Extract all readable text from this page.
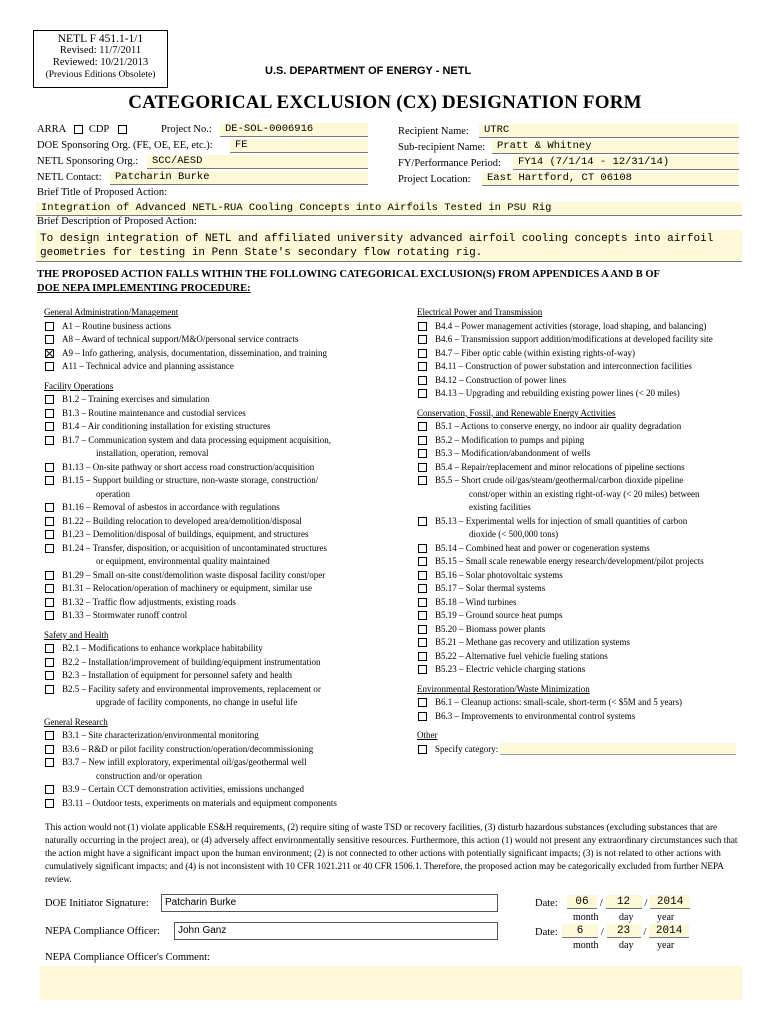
NETL F 451.1-1/1
Revised: 11/7/2011
Reviewed: 10/21/2013
(Previous Editions Obsolete)	U.S. DEPARTMENT OF ENERGY - NETL
CATEGORICAL EXCLUSION (CX) DESIGNATION FORM
ARRA CDP	Project No.:	DE-SOL-0006916
DOE Sponsoring Org. (FE, OE, EE, etc.):	FE
NETL Sponsoring Org.:	SCC/AESD
NETL Contact:	Patcharin Burke
Recipient Name:	UTRC
Sub-recipient Name:	Pratt & Whitney
FY/Performance Period:	FY14 (7/1/14 - 12/31/14)
Project Location:	East Hartford, CT 06108
Brief Title of Proposed Action:
Integration of Advanced NETL-RUA Cooling Concepts into Airfoils Tested in PSU Rig
Brief Description of Proposed Action:
To design integration of NETL and affiliated university advanced airfoil cooling concepts into airfoil geometries for testing in Penn State's secondary flow rotating rig.
THE PROPOSED ACTION FALLS WITHIN THE FOLLOWING CATEGORICAL EXCLUSION(S) FROM APPENDICES A AND B OF
DOE NEPA IMPLEMENTING PROCEDURE:
General Administration/Management
A1 – Routine business actions
A8 – Award of technical support/M&O/personal service contracts
A9 – Info gathering, analysis, documentation, dissemination, and training
A11 – Technical advice and planning assistance
Facility Operations
B1.2 – Training exercises and simulation
B1.3 – Routine maintenance and custodial services
B1.4 – Air conditioning installation for existing structures
B1.7 – Communication system and data processing equipment acquisition,
installation, operation, removal
B1.13 – On-site pathway or short access road construction/acquisition
B1.15 – Support building or structure, non-waste storage, construction/
operation
B1.16 – Removal of asbestos in accordance with regulations
B1.22 – Building relocation to developed area/demolition/disposal
B1.23 – Demolition/disposal of buildings, equipment, and structures
B1.24 – Transfer, disposition, or acquisition of uncontaminated structures
or equipment, environmental quality maintained
B1.29 – Small on-site const/demolition waste disposal facility const/oper
B1.31 – Relocation/operation of machinery or equipment, similar use
B1.32 – Traffic flow adjustments, existing roads
B1.33 – Stormwater runoff control
Safety and Health
B2.1 – Modifications to enhance workplace habitability
B2.2 – Installation/improvement of building/equipment instrumentation
B2.3 – Installation of equipment for personnel safety and health
B2.5 – Facility safety and environmental improvements, replacement or
upgrade of facility components, no change in useful life
General Research
B3.1 – Site characterization/environmental monitoring
B3.6 – R&D or pilot facility construction/operation/decommissioning
B3.7 – New infill exploratory, experimental oil/gas/geothermal well
construction and/or operation
B3.9 – Certain CCT demonstration activities, emissions unchanged
B3.11 – Outdoor tests, experiments on materials and equipment components
Electrical Power and Transmission
B4.4 – Power management activities (storage, load shaping, and balancing)
B4.6 – Transmission support addition/modifications at developed facility site
B4.7 – Fiber optic cable (within existing rights-of-way)
B4.11 – Construction of power substation and interconnection facilities
B4.12 – Construction of power lines
B4.13 – Upgrading and rebuilding existing power lines (< 20 miles)
Conservation, Fossil, and Renewable Energy Activities
B5.1 – Actions to conserve energy, no indoor air quality degradation
B5.2 – Modification to pumps and piping
B5.3 – Modification/abandonment of wells
B5.4 – Repair/replacement and minor relocations of pipeline sections
B5.5 – Short crude oil/gas/steam/geothermal/carbon dioxide pipeline
const/oper within an existing right-of-way (< 20 miles) between
existing facilities
B5.13 – Experimental wells for injection of small quantities of carbon
dioxide (< 500,000 tons)
B5.14 – Combined heat and power or cogeneration systems
B5.15 – Small scale renewable energy research/development/pilot projects
B5.16 – Solar photovoltaic systems
B5.17 – Solar thermal systems
B5.18 – Wind turbines
B5.19 – Ground source heat pumps
B5.20 – Biomass power plants
B5.21 – Methane gas recovery and utilization systems
B5.22 – Alternative fuel vehicle fueling stations
B5.23 – Electric vehicle charging stations
Environmental Restoration/Waste Minimization
B6.1 – Cleanup actions: small-scale, short-term (< $5M and 5 years)
B6.3 – Improvements to environmental control systems
Other
Specify category:
This action would not (1) violate applicable ES&H requirements, (2) require siting of waste TSD or recovery facilities, (3) disturb hazardous substances (excluding substances that are naturally occurring in the project area), or (4) adversely affect environmentally sensitive resources. Furthermore, this action (1) would not present any extraordinary circumstances such that the action might have a significant impact upon the human environment; (2) is not connected to other actions with potentially significant impacts; (3) is not related to other actions with cumulatively significant impacts; and (4) is not inconsistent with 10 CFR 1021.211 or 40 CFR 1506.1. Therefore, the proposed action may be categorically excluded from further NEPA review.
DOE Initiator Signature: Patcharin Burke
NEPA Compliance Officer: John Ganz
Date:	06 / 12 / 2014
month day year
Date:	6 / 23 / 2014
month day year
NEPA Compliance Officer's Comment:
